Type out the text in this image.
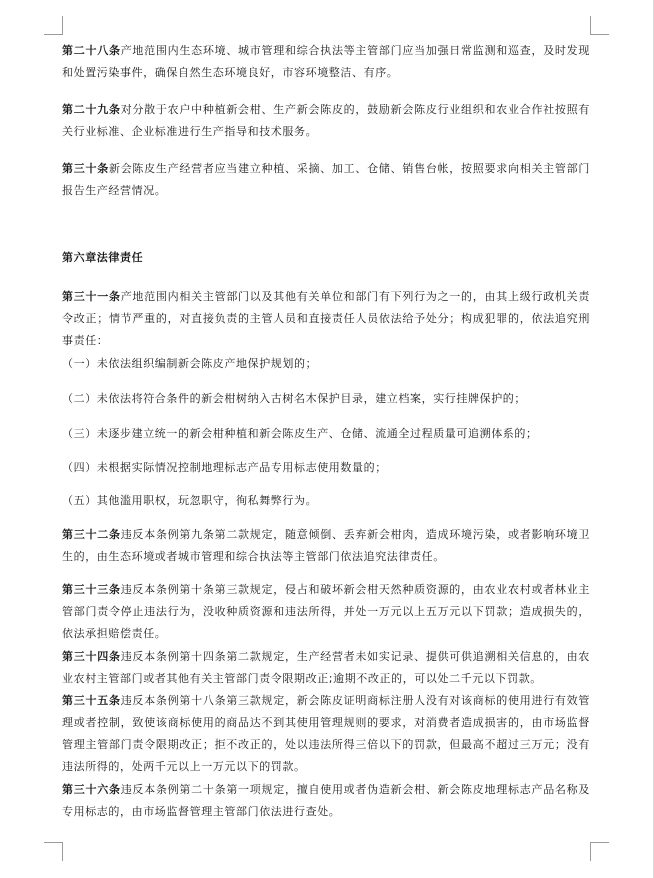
第二十八条产地范围内生态环境、城市管理和综合执法等主管部门应当加强日常监测和巡查，及时发现和处置污染事件，确保自然生态环境良好，市容环境整洁、有序。

第二十九条对分散于农户中种植新会柑、生产新会陈皮的，鼓励新会陈皮行业组织和农业合作社按照有关行业标准、企业标准进行生产指导和技术服务。

第三十条新会陈皮生产经营者应当建立种植、采摘、加工、仓储、销售台帐，按照要求向相关主管部门报告生产经营情况。

第六章法律责任

第三十一条产地范围内相关主管部门以及其他有关单位和部门有下列行为之一的，由其上级行政机关责令改正；情节严重的，对直接负责的主管人员和直接责任人员依法给予处分；构成犯罪的，依法追究刑事责任：

（一）未依法组织编制新会陈皮产地保护规划的；

（二）未依法将符合条件的新会柑树纳入古树名木保护目录，建立档案，实行挂牌保护的；

（三）未逐步建立统一的新会柑种植和新会陈皮生产、仓储、流通全过程质量可追溯体系的；

（四）未根据实际情况控制地理标志产品专用标志使用数量的；

（五）其他滥用职权，玩忽职守，徇私舞弊行为。

第三十二条违反本条例第九条第二款规定，随意倾倒、丢弃新会柑肉，造成环境污染，或者影响环境卫生的，由生态环境或者城市管理和综合执法等主管部门依法追究法律责任。

第三十三条违反本条例第十条第三款规定，侵占和破坏新会柑天然种质资源的，由农业农村或者林业主管部门责令停止违法行为，没收种质资源和违法所得，并处一万元以上五万元以下罚款；造成损失的，依法承担赔偿责任。

第三十四条违反本条例第十四条第二款规定，生产经营者未如实记录、提供可供追溯相关信息的，由农业农村主管部门或者其他有关主管部门责令限期改正;逾期不改正的，可以处二千元以下罚款。

第三十五条违反本条例第十八条第三款规定，新会陈皮证明商标注册人没有对该商标的使用进行有效管理或者控制，致使该商标使用的商品达不到其使用管理规则的要求，对消费者造成损害的，由市场监督管理主管部门责令限期改正；拒不改正的，处以违法所得三倍以下的罚款，但最高不超过三万元；没有违法所得的，处两千元以上一万元以下的罚款。

第三十六条违反本条例第二十条第一项规定，擅自使用或者伪造新会柑、新会陈皮地理标志产品名称及专用标志的，由市场监督管理主管部门依法进行查处。
